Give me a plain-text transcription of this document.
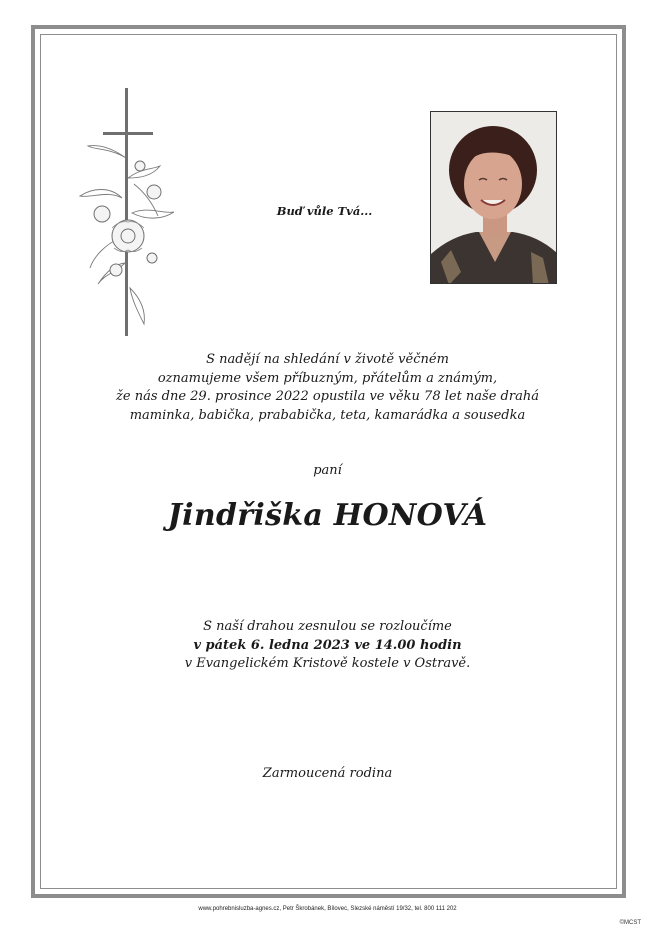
Buď vůle Tvá...
S nadějí na shledání v životě věčném
oznamujeme všem příbuzným, přátelům a známým,
že nás dne 29. prosince 2022 opustila ve věku 78 let naše drahá
maminka, babička, prababička, teta, kamarádka a sousedka
paní
Jindřiška HONOVÁ
S naší drahou zesnulou se rozloučíme
v pátek 6. ledna 2023 ve 14.00 hodin
v Evangelickém Kristově kostele v Ostravě.
Zarmoucená rodina
www.pohrebnisluzba-agnes.cz, Petr Škrobánek, Bílovec, Slezské náměstí 19/32, tel. 800 111 202
©MCST
